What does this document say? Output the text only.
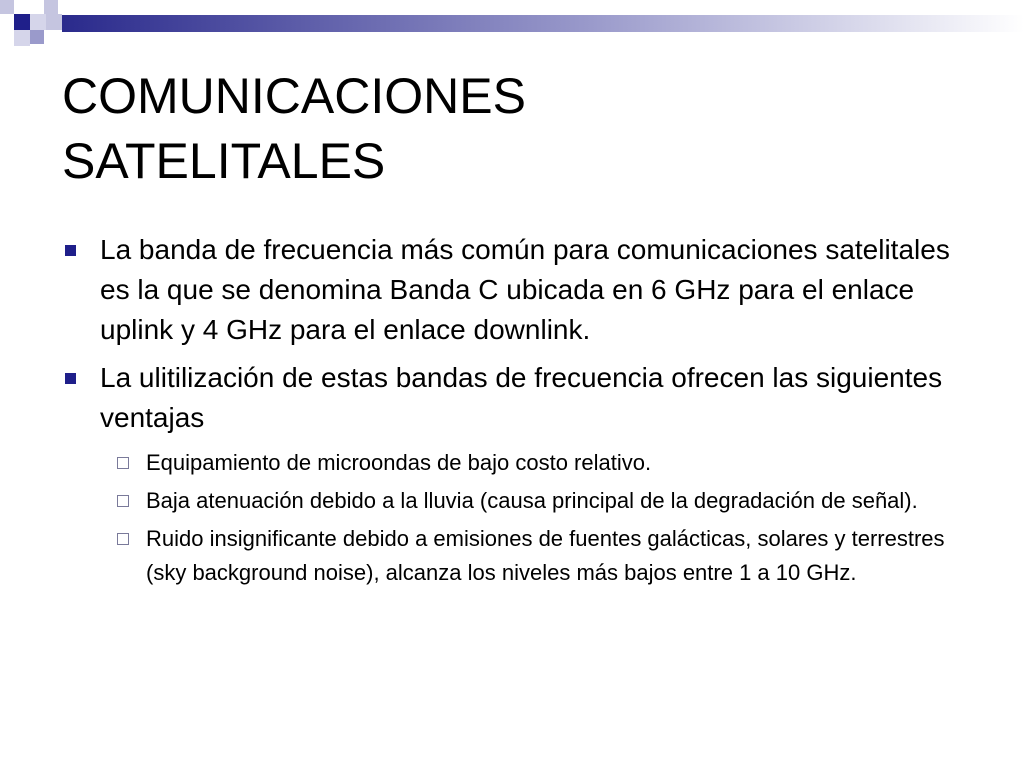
COMUNICACIONES
SATELITALES
La banda de frecuencia más común para comunicaciones satelitales es la que se denomina Banda C ubicada en 6 GHz para el enlace uplink y 4 GHz para el enlace downlink.
La ulitilización de estas bandas de frecuencia ofrecen las siguientes ventajas
Equipamiento de microondas de bajo costo relativo.
Baja atenuación debido a la lluvia (causa principal de la degradación de señal).
Ruido insignificante debido a emisiones de fuentes galácticas, solares y terrestres (sky background noise), alcanza los niveles más bajos entre 1 a 10 GHz.
